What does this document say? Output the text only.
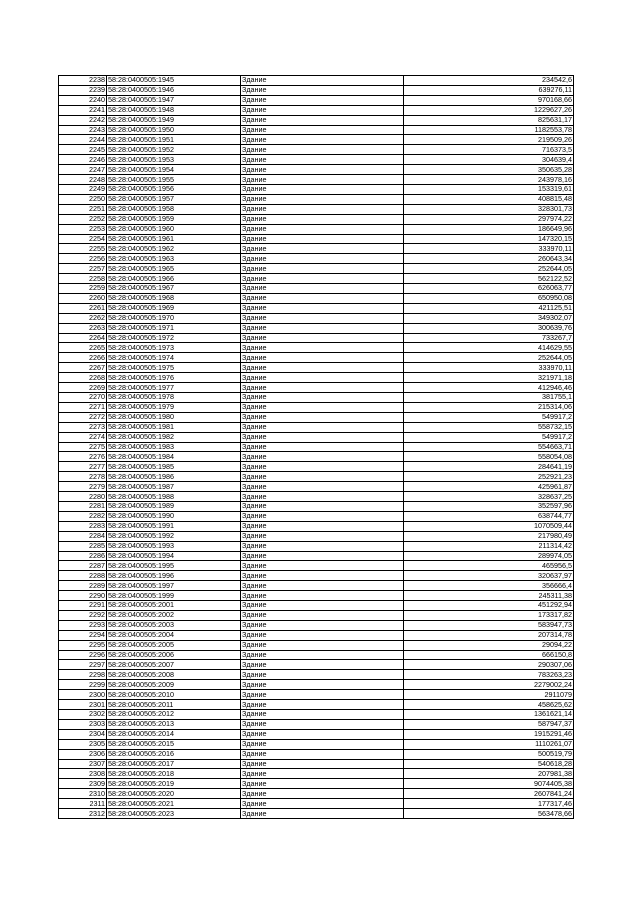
2238	58:28:0400505:1945	Здание	234542,6
2239	58:28:0400505:1946	Здание	639276,11
2240	58:28:0400505:1947	Здание	970168,66
2241	58:28:0400505:1948	Здание	1229627,26
2242	58:28:0400505:1949	Здание	825631,17
2243	58:28:0400505:1950	Здание	1182553,78
2244	58:28:0400505:1951	Здание	219509,26
2245	58:28:0400505:1952	Здание	716373,5
2246	58:28:0400505:1953	Здание	304639,4
2247	58:28:0400505:1954	Здание	350635,28
2248	58:28:0400505:1955	Здание	243978,16
2249	58:28:0400505:1956	Здание	153319,61
2250	58:28:0400505:1957	Здание	408815,48
2251	58:28:0400505:1958	Здание	328301,73
2252	58:28:0400505:1959	Здание	297974,22
2253	58:28:0400505:1960	Здание	186649,96
2254	58:28:0400505:1961	Здание	147320,15
2255	58:28:0400505:1962	Здание	333970,11
2256	58:28:0400505:1963	Здание	260643,34
2257	58:28:0400505:1965	Здание	252644,05
2258	58:28:0400505:1966	Здание	562122,52
2259	58:28:0400505:1967	Здание	626063,77
2260	58:28:0400505:1968	Здание	650950,08
2261	58:28:0400505:1969	Здание	421125,51
2262	58:28:0400505:1970	Здание	349302,07
2263	58:28:0400505:1971	Здание	300639,76
2264	58:28:0400505:1972	Здание	733267,7
2265	58:28:0400505:1973	Здание	414629,55
2266	58:28:0400505:1974	Здание	252644,05
2267	58:28:0400505:1975	Здание	333970,11
2268	58:28:0400505:1976	Здание	321971,18
2269	58:28:0400505:1977	Здание	412946,46
2270	58:28:0400505:1978	Здание	381755,1
2271	58:28:0400505:1979	Здание	215314,06
2272	58:28:0400505:1980	Здание	549917,2
2273	58:28:0400505:1981	Здание	558732,15
2274	58:28:0400505:1982	Здание	549917,2
2275	58:28:0400505:1983	Здание	554663,71
2276	58:28:0400505:1984	Здание	558054,08
2277	58:28:0400505:1985	Здание	284641,19
2278	58:28:0400505:1986	Здание	252921,23
2279	58:28:0400505:1987	Здание	425961,87
2280	58:28:0400505:1988	Здание	328637,25
2281	58:28:0400505:1989	Здание	352597,96
2282	58:28:0400505:1990	Здание	638744,77
2283	58:28:0400505:1991	Здание	1070509,44
2284	58:28:0400505:1992	Здание	217980,49
2285	58:28:0400505:1993	Здание	211314,42
2286	58:28:0400505:1994	Здание	289974,05
2287	58:28:0400505:1995	Здание	465956,5
2288	58:28:0400505:1996	Здание	320637,97
2289	58:28:0400505:1997	Здание	356666,4
2290	58:28:0400505:1999	Здание	245311,38
2291	58:28:0400505:2001	Здание	451292,94
2292	58:28:0400505:2002	Здание	173317,82
2293	58:28:0400505:2003	Здание	583947,73
2294	58:28:0400505:2004	Здание	207314,78
2295	58:28:0400505:2005	Здание	29094,22
2296	58:28:0400505:2006	Здание	666150,8
2297	58:28:0400505:2007	Здание	290307,06
2298	58:28:0400505:2008	Здание	783263,23
2299	58:28:0400505:2009	Здание	2279002,24
2300	58:28:0400505:2010	Здание	2911079
2301	58:28:0400505:2011	Здание	458625,62
2302	58:28:0400505:2012	Здание	1361621,14
2303	58:28:0400505:2013	Здание	587947,37
2304	58:28:0400505:2014	Здание	1915291,46
2305	58:28:0400505:2015	Здание	1110261,07
2306	58:28:0400505:2016	Здание	500519,79
2307	58:28:0400505:2017	Здание	540618,28
2308	58:28:0400505:2018	Здание	207981,38
2309	58:28:0400505:2019	Здание	9074405,38
2310	58:28:0400505:2020	Здание	2607841,24
2311	58:28:0400505:2021	Здание	177317,46
2312	58:28:0400505:2023	Здание	563478,66
